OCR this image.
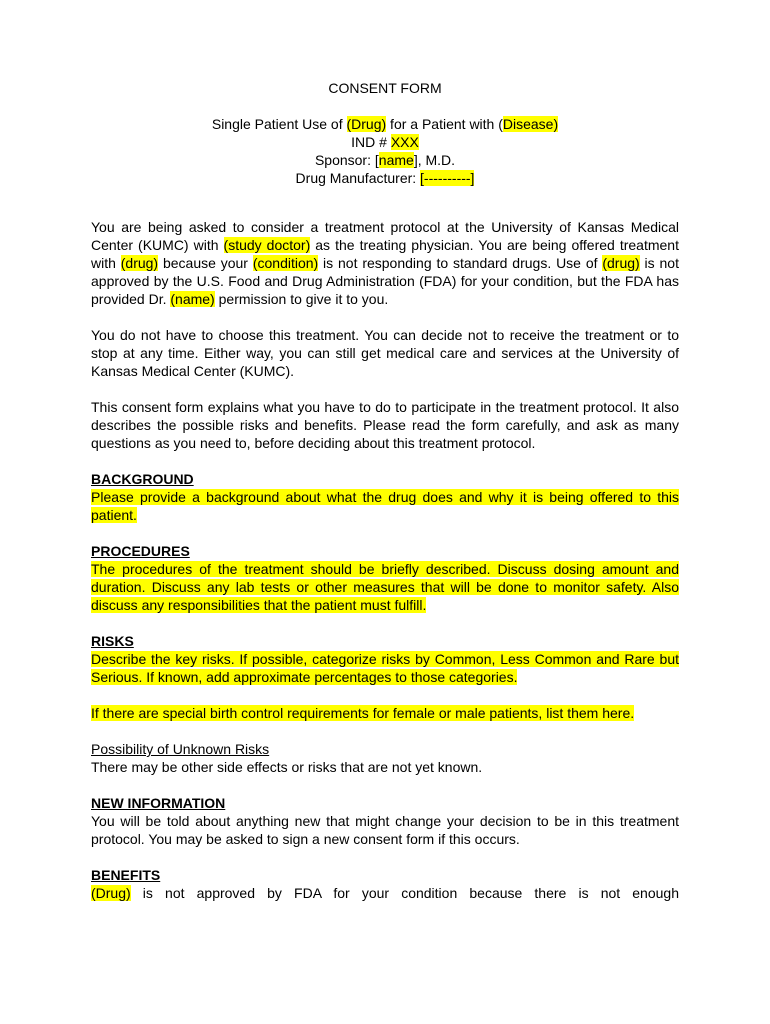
CONSENT FORM
Single Patient Use of (Drug) for a Patient with (Disease)
IND # XXX
Sponsor: [name], M.D.
Drug Manufacturer: [----------]

You are being asked to consider a treatment protocol at the University of Kansas Medical Center (KUMC) with (study doctor) as the treating physician. You are being offered treatment with (drug) because your (condition) is not responding to standard drugs. Use of (drug) is not approved by the U.S. Food and Drug Administration (FDA) for your condition, but the FDA has provided Dr. (name) permission to give it to you.

You do not have to choose this treatment. You can decide not to receive the treatment or to stop at any time. Either way, you can still get medical care and services at the University of Kansas Medical Center (KUMC).

This consent form explains what you have to do to participate in the treatment protocol. It also describes the possible risks and benefits. Please read the form carefully, and ask as many questions as you need to, before deciding about this treatment protocol.

BACKGROUND

Please provide a background about what the drug does and why it is being offered to this patient.

PROCEDURES

The procedures of the treatment should be briefly described. Discuss dosing amount and duration. Discuss any lab tests or other measures that will be done to monitor safety. Also discuss any responsibilities that the patient must fulfill.

RISKS

Describe the key risks. If possible, categorize risks by Common, Less Common and Rare but Serious. If known, add approximate percentages to those categories.

If there are special birth control requirements for female or male patients, list them here.

Possibility of Unknown Risks
There may be other side effects or risks that are not yet known.
NEW INFORMATION

You will be told about anything new that might change your decision to be in this treatment protocol. You may be asked to sign a new consent form if this occurs.

BENEFITS

(Drug) is not approved by FDA for your condition because there is not enough
